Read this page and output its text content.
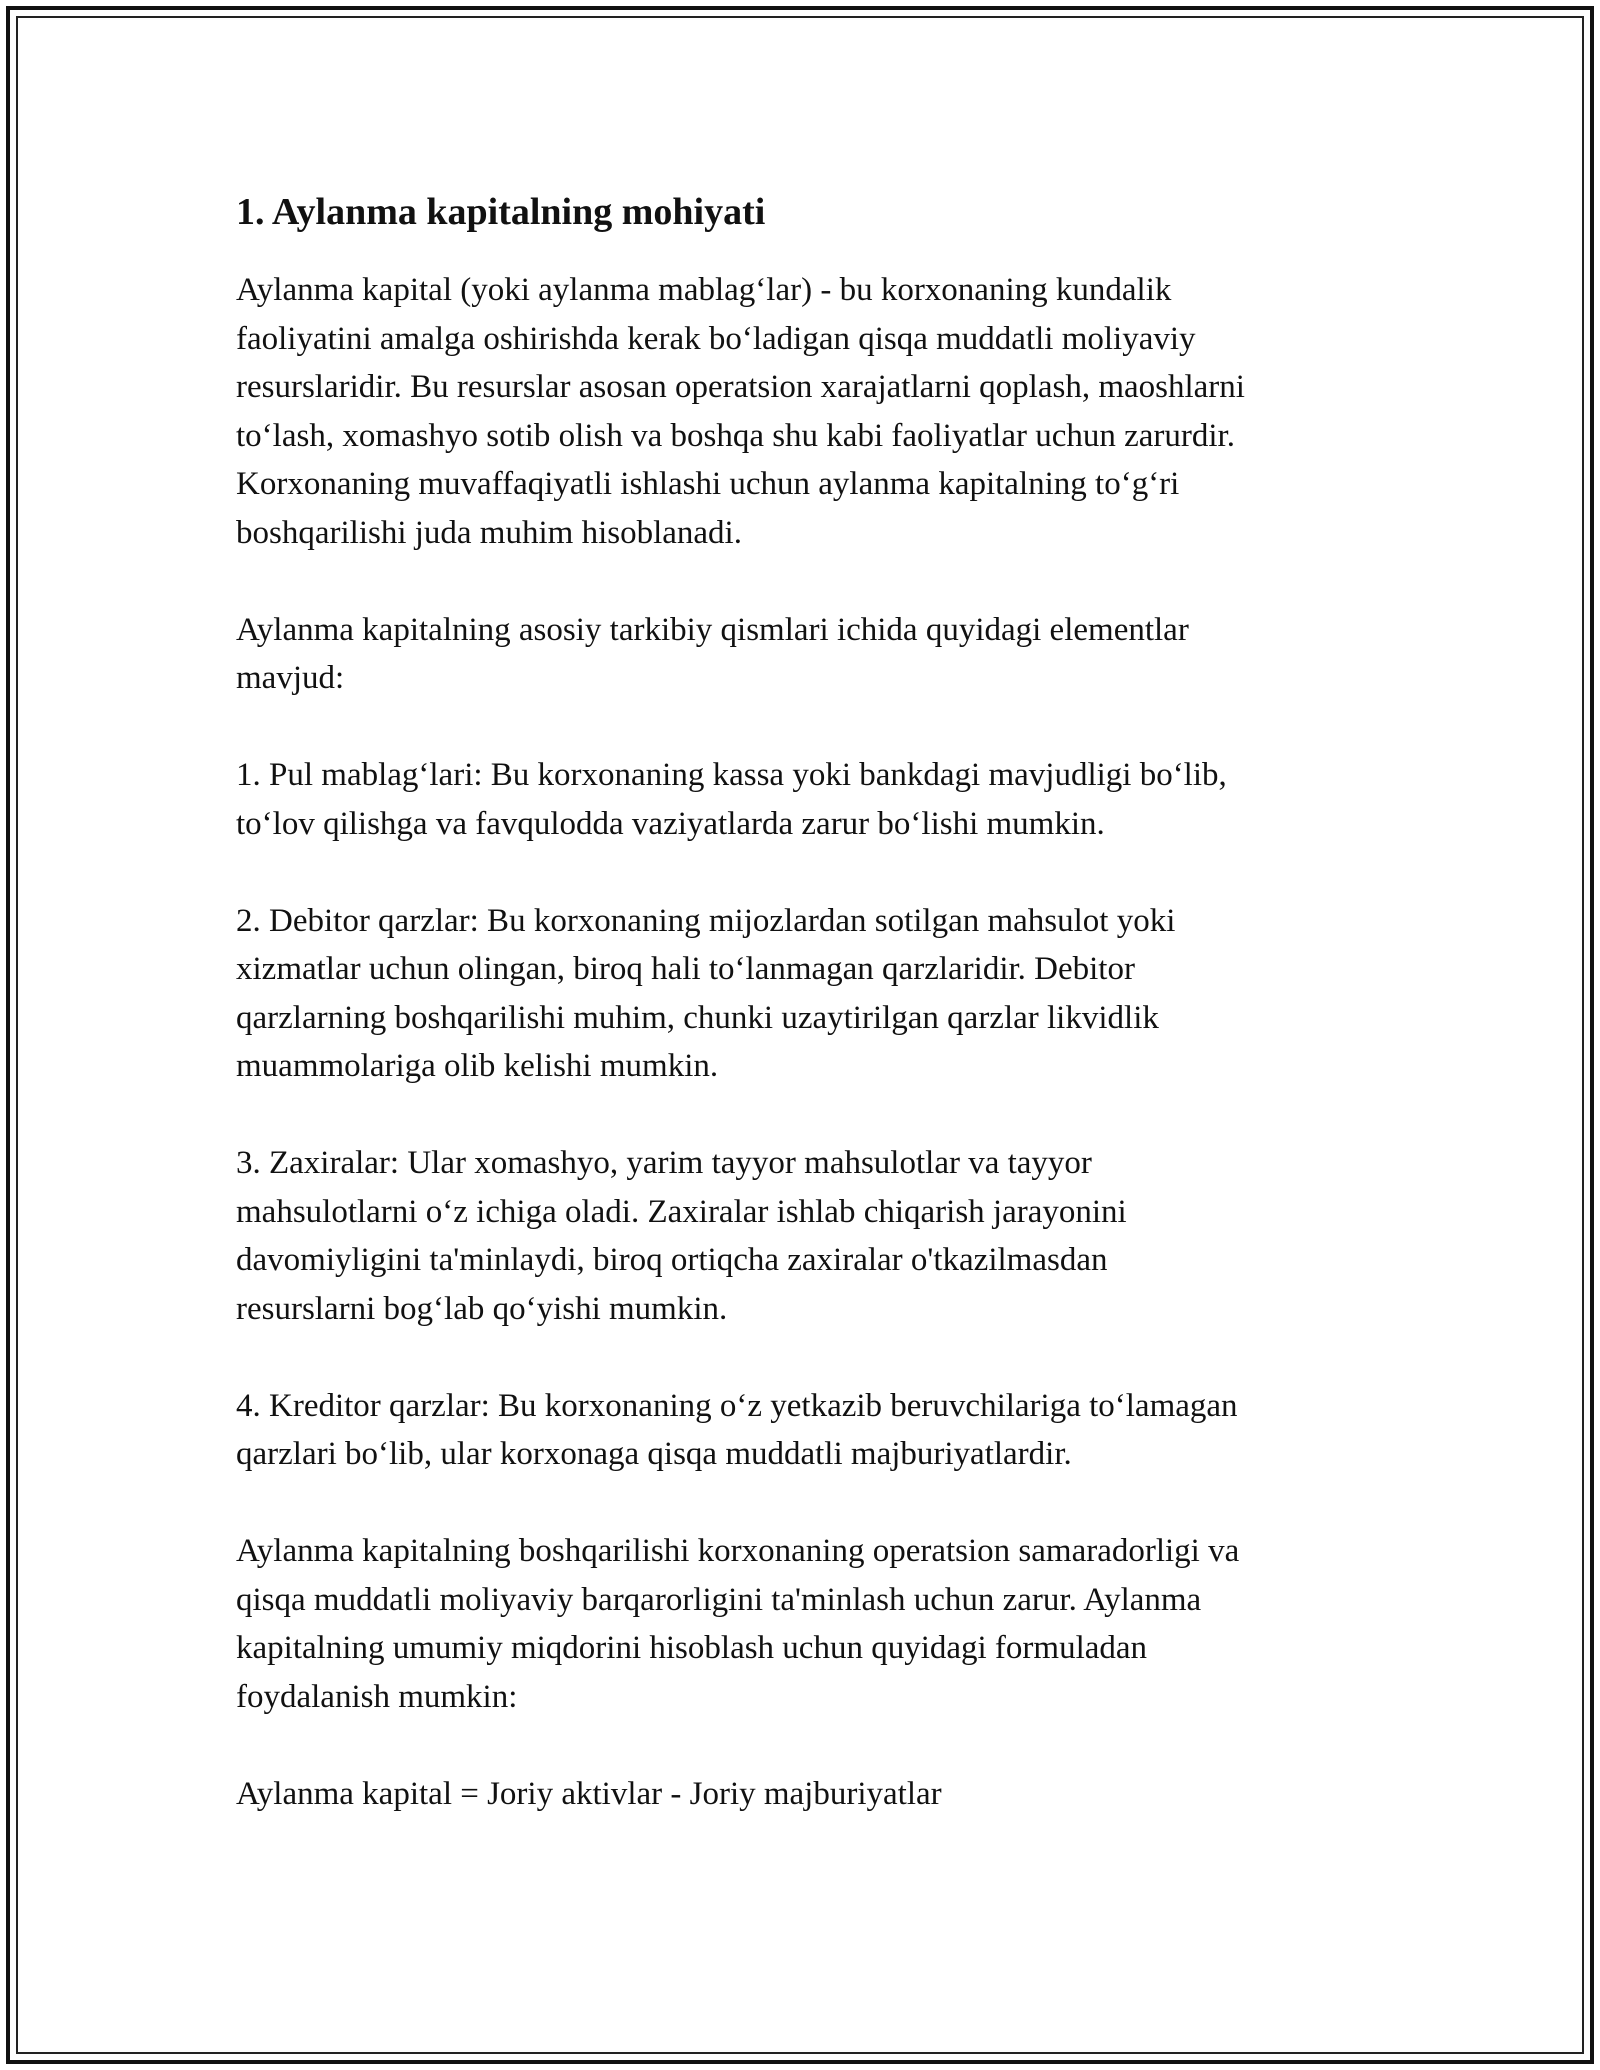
1. Aylanma kapitalning mohiyati

Aylanma kapital (yoki aylanma mablag‘lar) - bu korxonaning kundalik
faoliyatini amalga oshirishda kerak bo‘ladigan qisqa muddatli moliyaviy
resurslaridir. Bu resurslar asosan operatsion xarajatlarni qoplash, maoshlarni
to‘lash, xomashyo sotib olish va boshqa shu kabi faoliyatlar uchun zarurdir.
Korxonaning muvaffaqiyatli ishlashi uchun aylanma kapitalning to‘g‘ri
boshqarilishi juda muhim hisoblanadi.

Aylanma kapitalning asosiy tarkibiy qismlari ichida quyidagi elementlar
mavjud:

1. Pul mablag‘lari: Bu korxonaning kassa yoki bankdagi mavjudligi bo‘lib,
to‘lov qilishga va favqulodda vaziyatlarda zarur bo‘lishi mumkin.

2. Debitor qarzlar: Bu korxonaning mijozlardan sotilgan mahsulot yoki
xizmatlar uchun olingan, biroq hali to‘lanmagan qarzlaridir. Debitor
qarzlarning boshqarilishi muhim, chunki uzaytirilgan qarzlar likvidlik
muammolariga olib kelishi mumkin.

3. Zaxiralar: Ular xomashyo, yarim tayyor mahsulotlar va tayyor
mahsulotlarni o‘z ichiga oladi. Zaxiralar ishlab chiqarish jarayonini
davomiyligini ta'minlaydi, biroq ortiqcha zaxiralar o'tkazilmasdan
resurslarni bog‘lab qo‘yishi mumkin.

4. Kreditor qarzlar: Bu korxonaning o‘z yetkazib beruvchilariga to‘lamagan
qarzlari bo‘lib, ular korxonaga qisqa muddatli majburiyatlardir.

Aylanma kapitalning boshqarilishi korxonaning operatsion samaradorligi va
qisqa muddatli moliyaviy barqarorligini ta'minlash uchun zarur. Aylanma
kapitalning umumiy miqdorini hisoblash uchun quyidagi formuladan
foydalanish mumkin:

Aylanma kapital = Joriy aktivlar - Joriy majburiyatlar
